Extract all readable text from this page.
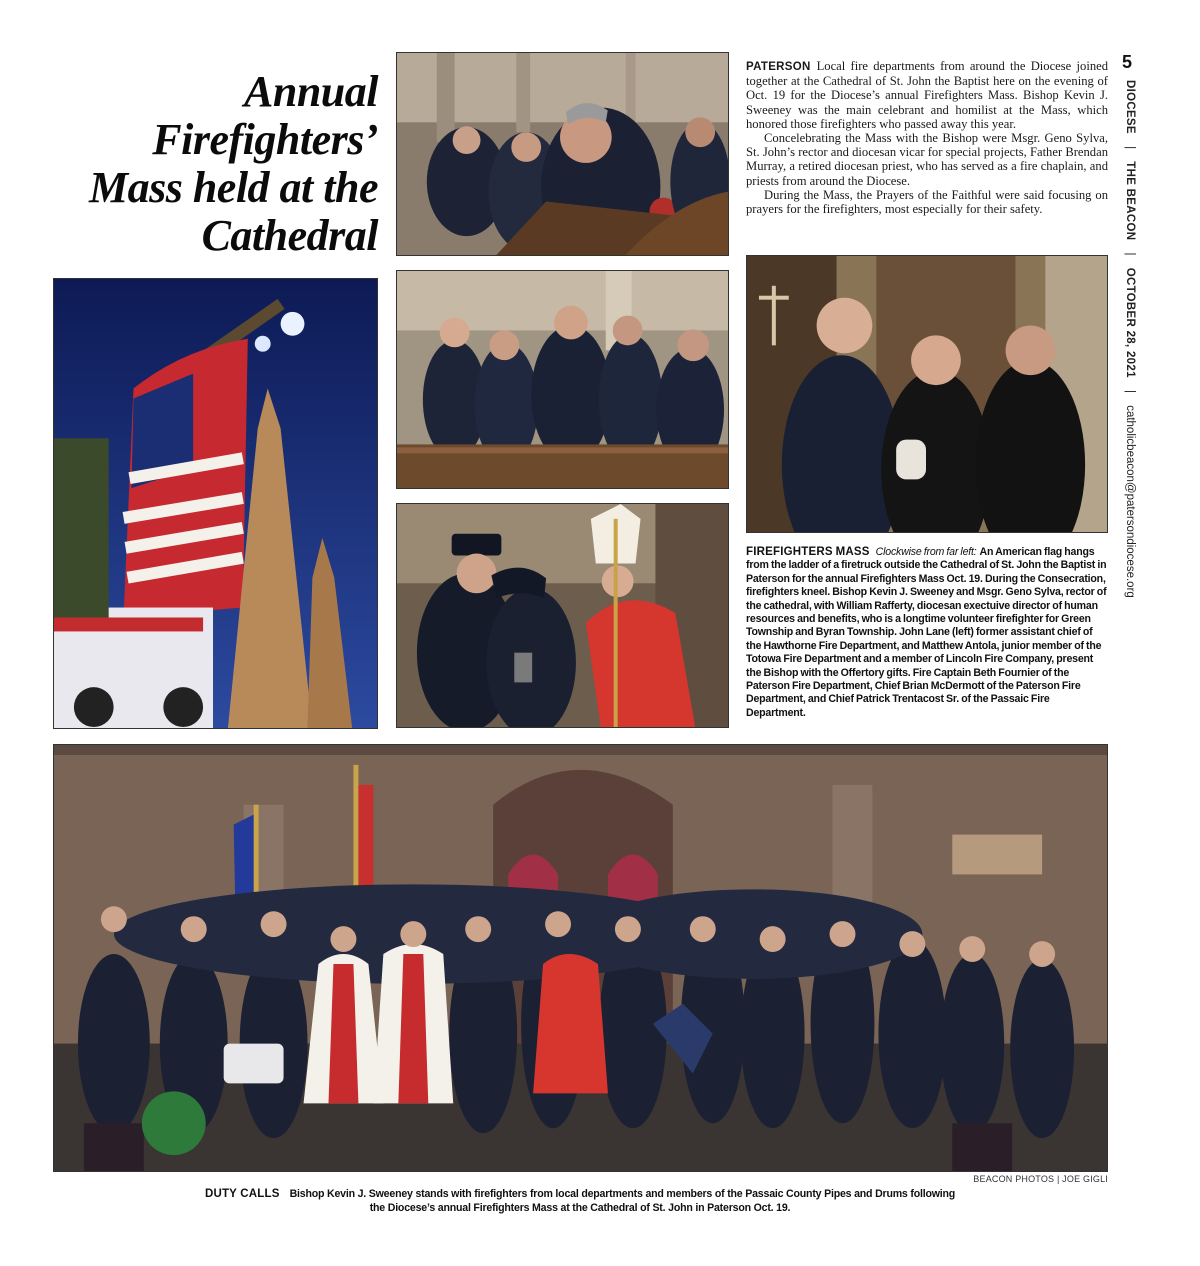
5
DIOCESE | THE BEACON | OCTOBER 28, 2021 | catholicbeacon@patersondiocese.org
Annual
Firefighters’
Mass held at the
Cathedral

PATERSON Local fire departments from around the Diocese joined together at the Cathedral of St. John the Baptist here on the evening of Oct. 19 for the Diocese’s annual Firefighters Mass. Bishop Kevin J. Sweeney was the main celebrant and homilist at the Mass, which honored those firefighters who passed away this year.

Concelebrating the Mass with the Bishop were Msgr. Geno Sylva, St. John’s rector and diocesan vicar for special projects, Father Brendan Murray, a retired diocesan priest, who has served as a fire chaplain, and priests from around the Diocese.

During the Mass, the Prayers of the Faithful were said focusing on prayers for the firefighters, most especially for their safety.

FIREFIGHTERS MASS Clockwise from far left: An American flag hangs from the ladder of a firetruck outside the Cathedral of St. John the Baptist in Paterson for the annual Firefighters Mass Oct. 19. During the Consecration, firefighters kneel. Bishop Kevin J. Sweeney and Msgr. Geno Sylva, rector of the cathedral, with William Rafferty, diocesan exectuive director of human resources and benefits, who is a longtime volunteer firefighter for Green Township and Byran Township. John Lane (left) former assistant chief of the Hawthorne Fire Department, and Matthew Antola, junior member of the Totowa Fire Department and a member of Lincoln Fire Company, present the Bishop with the Offertory gifts. Fire Captain Beth Fournier of the Paterson Fire Department, Chief Brian McDermott of the Paterson Fire Department, and Chief Patrick Trentacost Sr. of the Passaic Fire Department.
BEACON PHOTOS | JOE GIGLI
DUTY CALLS Bishop Kevin J. Sweeney stands with firefighters from local departments and members of the Passaic County Pipes and Drums following the Diocese’s annual Firefighters Mass at the Cathedral of St. John in Paterson Oct. 19.
